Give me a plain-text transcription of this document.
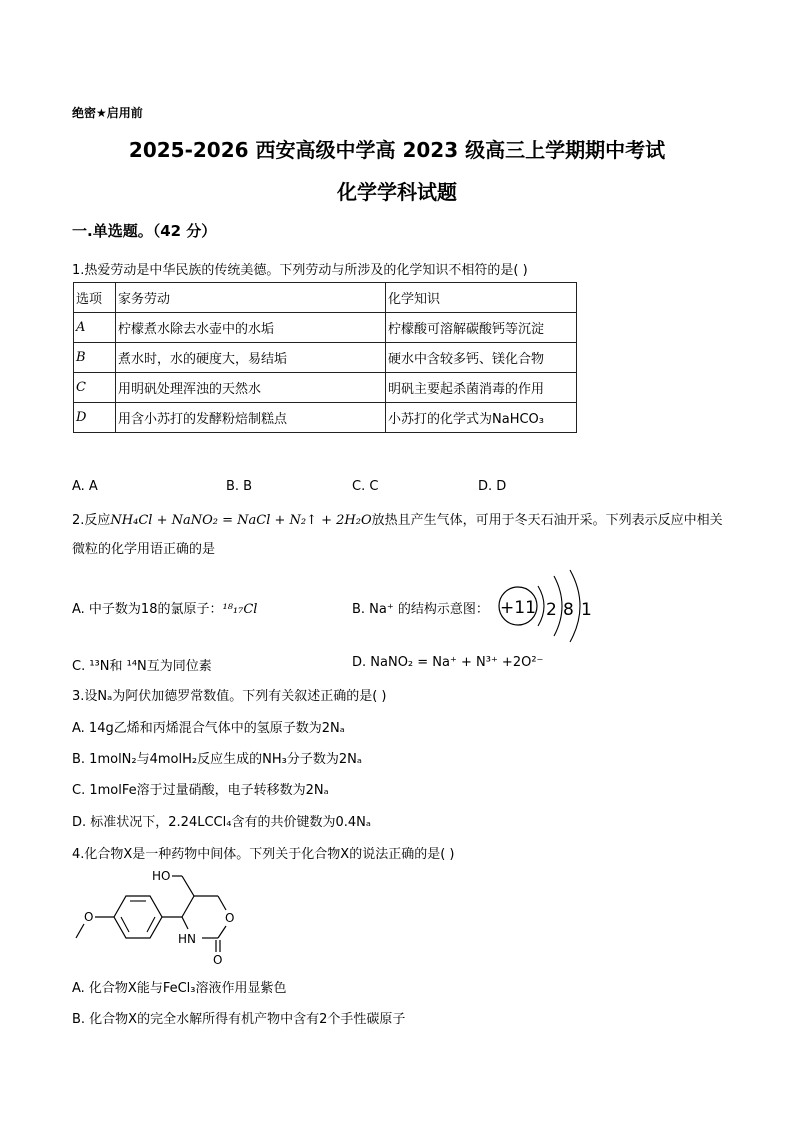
绝密★启用前
2025-2026 西安高级中学高 2023 级高三上学期期中考试
化学学科试题
一.单选题。（42 分）
1.热爱劳动是中华民族的传统美德。下列劳动与所涉及的化学知识不相符的是( )
选项	家务劳动	化学知识
A	柠檬煮水除去水壶中的水垢	柠檬酸可溶解碳酸钙等沉淀
B	煮水时，水的硬度大，易结垢	硬水中含较多钙、镁化合物
C	用明矾处理浑浊的天然水	明矾主要起杀菌消毒的作用
D	用含小苏打的发酵粉焙制糕点	小苏打的化学式为NaHCO₃
A. A	B. B	C. C	D. D
2.反应NH₄Cl + NaNO₂ = NaCl + N₂↑ + 2H₂O放热且产生气体，可用于冬天石油开采。下列表示反应中相关
微粒的化学用语正确的是
A. 中子数为18的氯原子：¹⁸₁₇Cl	B. Na⁺ 的结构示意图： +11 2 8 1
C. ¹³N和 ¹⁴N互为同位素	D. NaNO₂ = Na⁺ + N³⁺ +2O²⁻
3.设Nₐ为阿伏加德罗常数值。下列有关叙述正确的是( )
A. 14g乙烯和丙烯混合气体中的氢原子数为2Nₐ
B. 1molN₂与4molH₂反应生成的NH₃分子数为2Nₐ
C. 1molFe溶于过量硝酸，电子转移数为2Nₐ
D. 标准状况下，2.24LCCl₄含有的共价键数为0.4Nₐ
4.化合物X是一种药物中间体。下列关于化合物X的说法正确的是( )
O	O
HN
O
HO
A. 化合物X能与FeCl₃溶液作用显紫色
B. 化合物X的完全水解所得有机产物中含有2个手性碳原子
